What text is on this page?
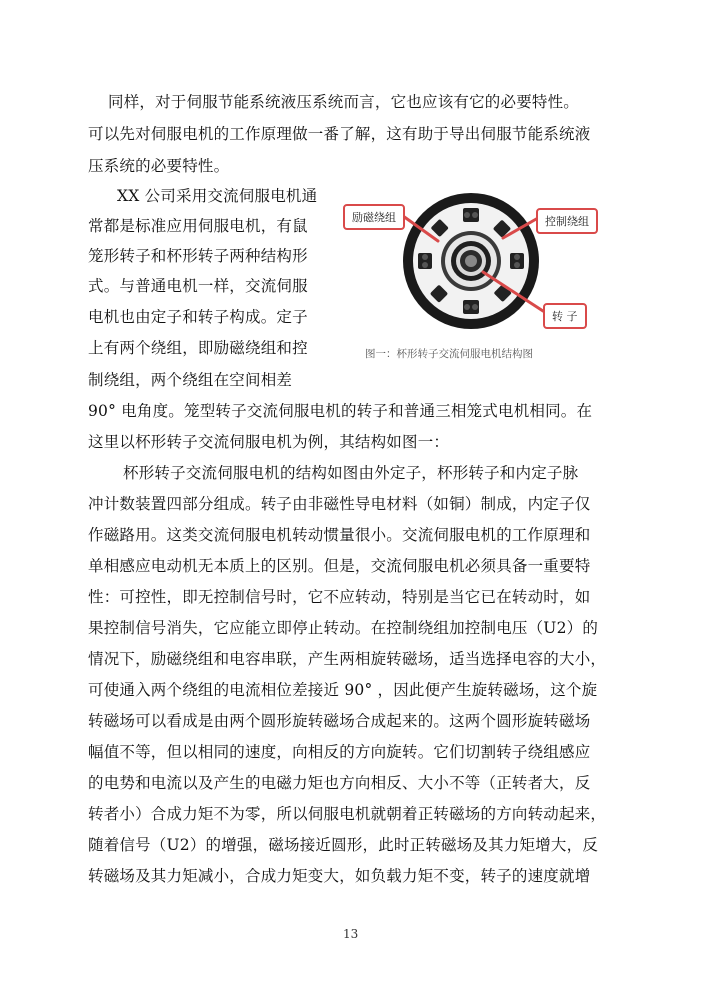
同样，对于伺服节能系统液压系统而言，它也应该有它的必要特性。
可以先对伺服电机的工作原理做一番了解，这有助于导出伺服节能系统液
压系统的必要特性。
XX 公司采用交流伺服电机通
常都是标准应用伺服电机，有鼠
笼形转子和杯形转子两种结构形
式。与普通电机一样，交流伺服
电机也由定子和转子构成。定子
上有两个绕组，即励磁绕组和控
制绕组，两个绕组在空间相差
90° 电角度。笼型转子交流伺服电机的转子和普通三相笼式电机相同。在
这里以杯形转子交流伺服电机为例，其结构如图一：
励磁绕组	控制绕组
转 子
图一：杯形转子交流伺服电机结构图
杯形转子交流伺服电机的结构如图由外定子，杯形转子和内定子脉
冲计数装置四部分组成。转子由非磁性导电材料（如铜）制成，内定子仅
作磁路用。这类交流伺服电机转动惯量很小。交流伺服电机的工作原理和
单相感应电动机无本质上的区别。但是，交流伺服电机必须具备一重要特
性：可控性，即无控制信号时，它不应转动，特别是当它已在转动时，如
果控制信号消失，它应能立即停止转动。在控制绕组加控制电压（U2）的
情况下，励磁绕组和电容串联，产生两相旋转磁场，适当选择电容的大小，
可使通入两个绕组的电流相位差接近 90° ，因此便产生旋转磁场，这个旋
转磁场可以看成是由两个圆形旋转磁场合成起来的。这两个圆形旋转磁场
幅值不等，但以相同的速度，向相反的方向旋转。它们切割转子绕组感应
的电势和电流以及产生的电磁力矩也方向相反、大小不等（正转者大，反
转者小）合成力矩不为零，所以伺服电机就朝着正转磁场的方向转动起来，
随着信号（U2）的增强，磁场接近圆形，此时正转磁场及其力矩增大，反
转磁场及其力矩减小，合成力矩变大，如负载力矩不变，转子的速度就增
13
